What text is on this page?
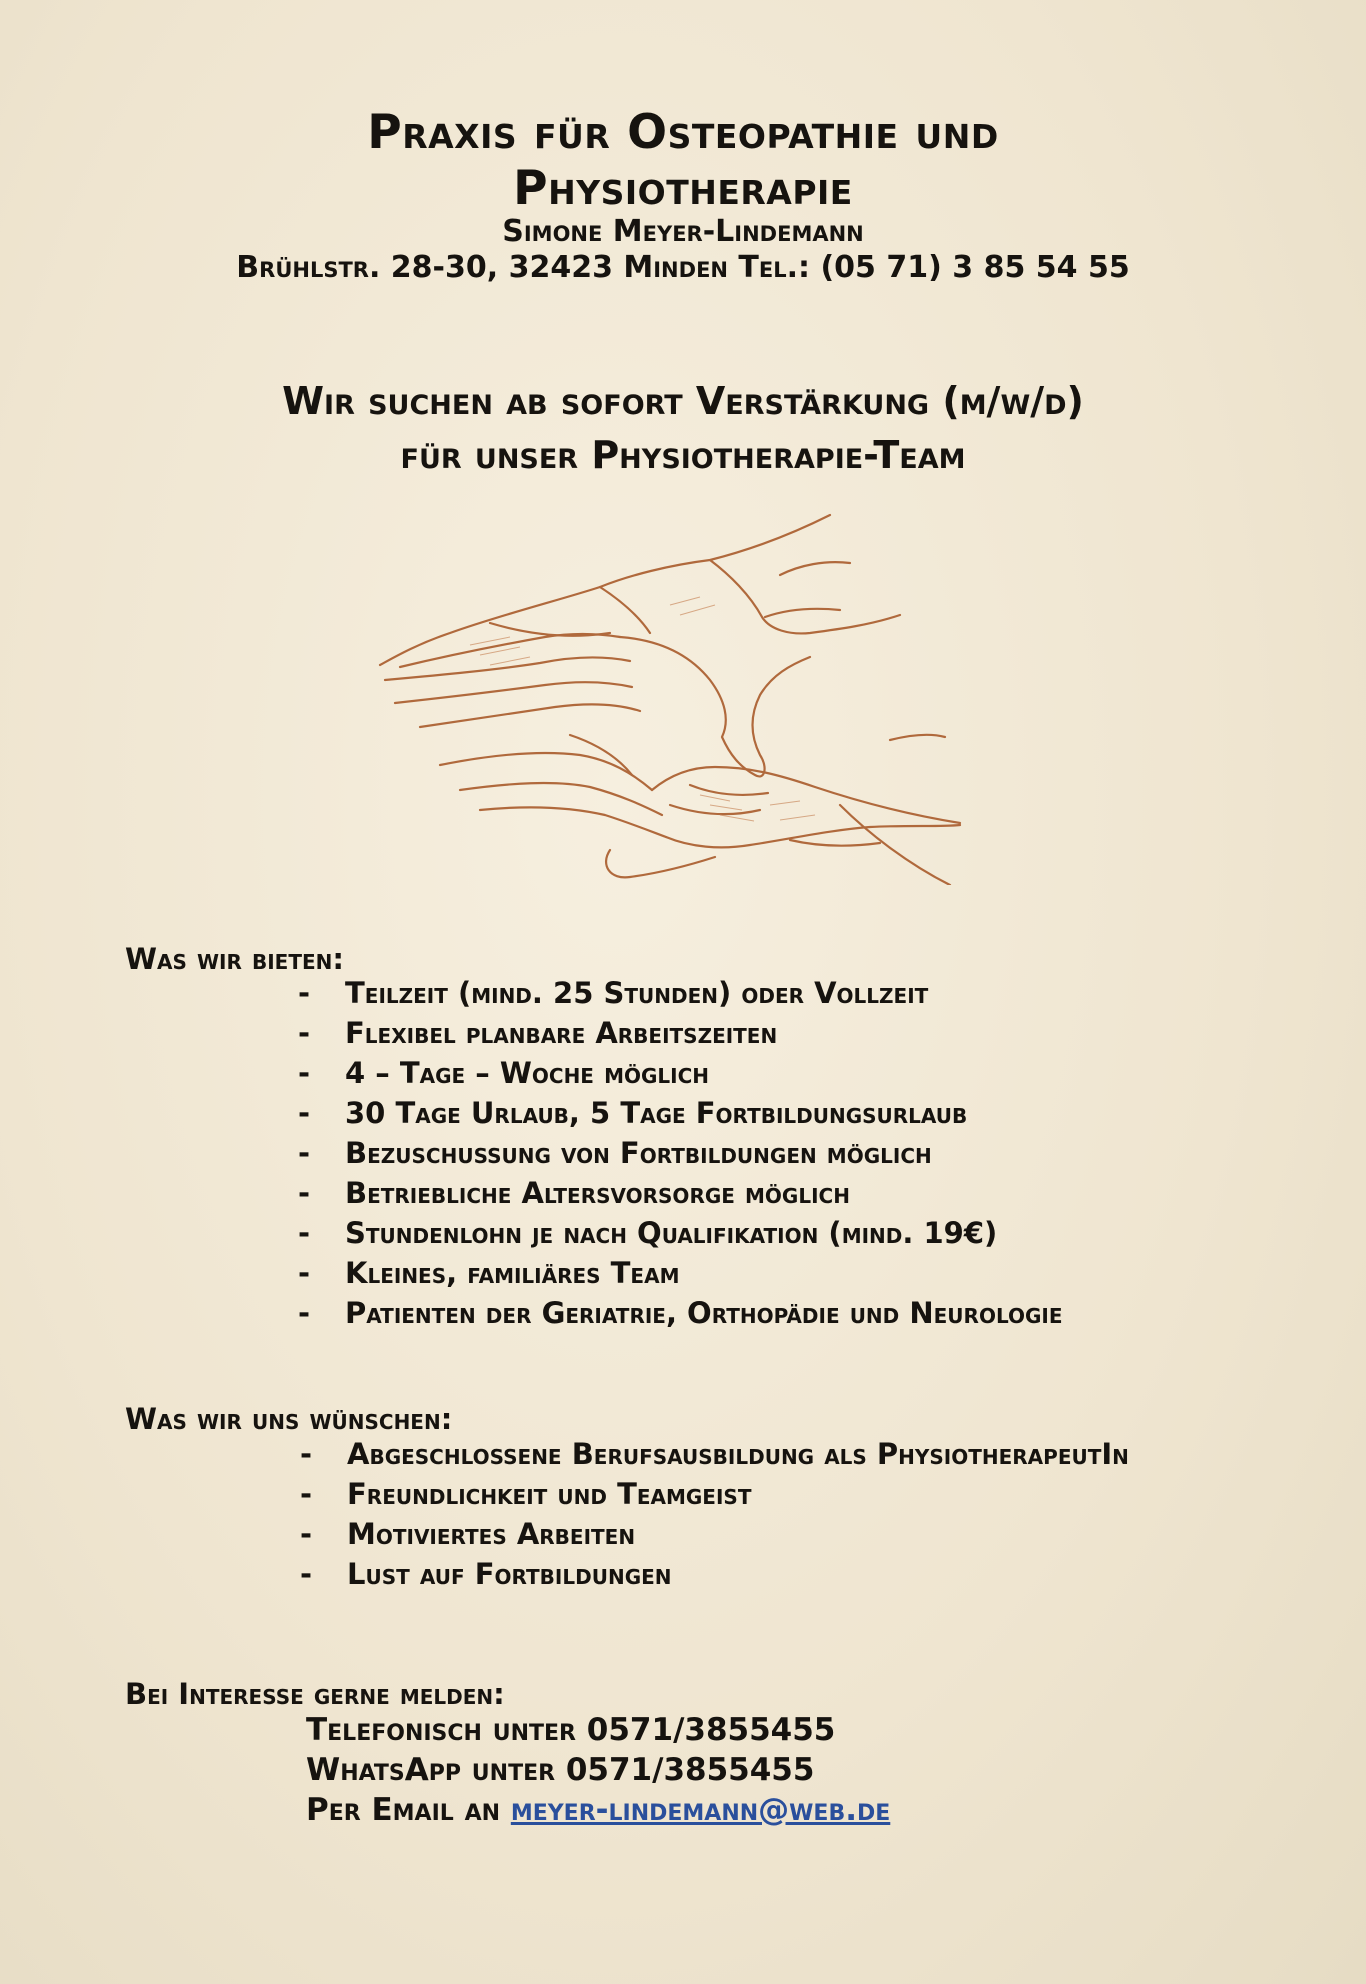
Praxis für Osteopathie und
Physiotherapie
Simone Meyer-Lindemann
Brühlstr. 28-30, 32423 Minden Tel.: (05 71) 3 85 54 55
Wir suchen ab sofort Verstärkung (m/w/d)
für unser Physiotherapie-Team
Was wir bieten:
- Teilzeit (mind. 25 Stunden) oder Vollzeit
- Flexibel planbare Arbeitszeiten
- 4 – Tage – Woche möglich
- 30 Tage Urlaub, 5 Tage Fortbildungsurlaub
- Bezuschussung von Fortbildungen möglich
- Betriebliche Altersvorsorge möglich
- Stundenlohn je nach Qualifikation (mind. 19€)
- Kleines, familiäres Team
- Patienten der Geriatrie, Orthopädie und Neurologie
Was wir uns wünschen:
- Abgeschlossene Berufsausbildung als PhysiotherapeutIn
- Freundlichkeit und Teamgeist
- Motiviertes Arbeiten
- Lust auf Fortbildungen
Bei Interesse gerne melden:
Telefonisch unter 0571/3855455
WhatsApp unter 0571/3855455
Per Email an meyer-lindemann@web.de
